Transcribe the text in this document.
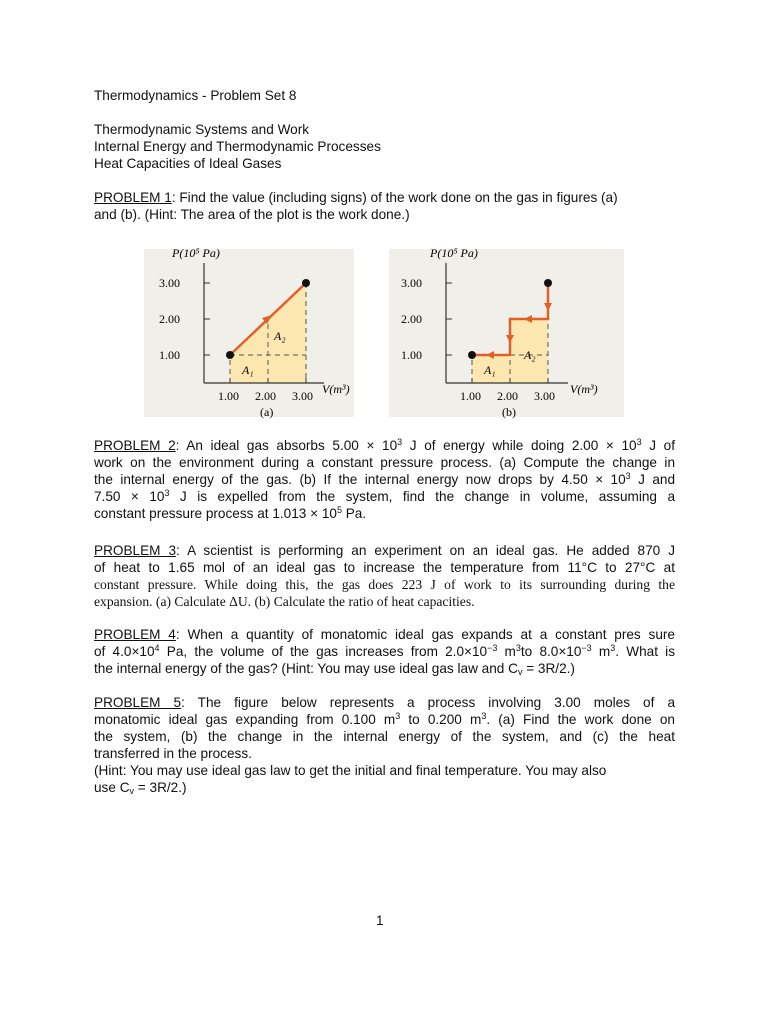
Thermodynamics - Problem Set 8
Thermodynamic Systems and Work
Internal Energy and Thermodynamic Processes
Heat Capacities of Ideal Gases
PROBLEM 1: Find the value (including signs) of the work done on the gas in figures (a)
and (b). (Hint: The area of the plot is the work done.)
P(10⁵ Pa)
3.00
2.00
1.00
1.00 2.00 3.00 V(m³)
A₁
A₂
(a)
P(10⁵ Pa)
3.00
2.00
1.00
1.00 2.00 3.00 V(m³)
A₁
A₂
(b)
PROBLEM 2: An ideal gas absorbs $5.00 \times 10^3$ J of energy while doing $2.00 \times 10^3$ J of
work on the environment during a constant pressure process. (a) Compute the change in
the internal energy of the gas. (b) If the internal energy now drops by $4.50 \times 10^3$ J and
$7.50 \times 10^3$ J is expelled from the system, find the change in volume, assuming a
constant pressure process at $1.013 \times 10^5$ Pa.
PROBLEM 3: A scientist is performing an experiment on an ideal gas. He added 870 J
of heat to 1.65 mol of an ideal gas to increase the temperature from 11°C to 27°C at
constant pressure. While doing this, the gas does 223 J of work to its surrounding during the
expansion. (a) Calculate ΔU. (b) Calculate the ratio of heat capacities.
PROBLEM 4: When a quantity of monatomic ideal gas expands at a constant pres sure
of $4.0\times 10^4$ Pa, the volume of the gas increases from $2.0\times 10^{-3}$ $m^3to$ $8.0\times 10^{-3}$ $m^3$. What is
the internal energy of the gas? (Hint: You may use ideal gas law and $C_v = 3R/2$.)
PROBLEM 5: The figure below represents a process involving 3.00 moles of a
monatomic ideal gas expanding from 0.100 $m^3$ to 0.200 $m^3$. (a) Find the work done on
the system, (b) the change in the internal energy of the system, and (c) the heat
transferred in the process.
(Hint: You may use ideal gas law to get the initial and final temperature. You may also
use $C_v = 3R/2$.)
1
